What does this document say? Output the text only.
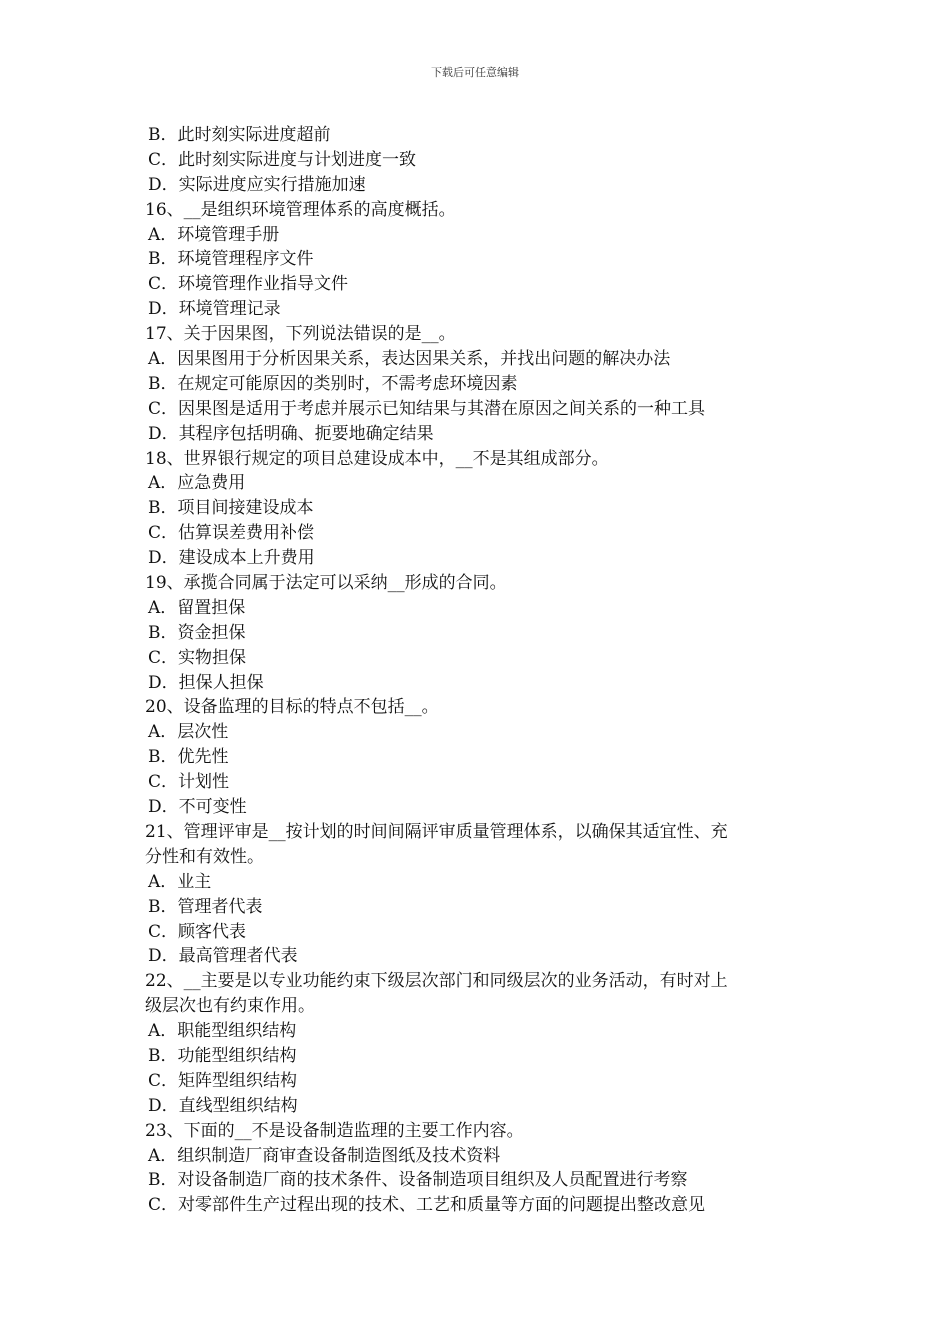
下载后可任意编辑
B．此时刻实际进度超前
C．此时刻实际进度与计划进度一致
D．实际进度应实行措施加速
16、__是组织环境管理体系的高度概括。
A．环境管理手册
B．环境管理程序文件
C．环境管理作业指导文件
D．环境管理记录
17、关于因果图，下列说法错误的是__。
A．因果图用于分析因果关系，表达因果关系，并找出问题的解决办法
B．在规定可能原因的类别时，不需考虑环境因素
C．因果图是适用于考虑并展示已知结果与其潜在原因之间关系的一种工具
D．其程序包括明确、扼要地确定结果
18、世界银行规定的项目总建设成本中，__不是其组成部分。
A．应急费用
B．项目间接建设成本
C．估算误差费用补偿
D．建设成本上升费用
19、承揽合同属于法定可以采纳__形成的合同。
A．留置担保
B．资金担保
C．实物担保
D．担保人担保
20、设备监理的目标的特点不包括__。
A．层次性
B．优先性
C．计划性
D．不可变性
21、管理评审是__按计划的时间间隔评审质量管理体系，以确保其适宜性、充
分性和有效性。
A．业主
B．管理者代表
C．顾客代表
D．最高管理者代表
22、__主要是以专业功能约束下级层次部门和同级层次的业务活动，有时对上
级层次也有约束作用。
A．职能型组织结构
B．功能型组织结构
C．矩阵型组织结构
D．直线型组织结构
23、下面的__不是设备制造监理的主要工作内容。
A．组织制造厂商审查设备制造图纸及技术资料
B．对设备制造厂商的技术条件、设备制造项目组织及人员配置进行考察
C．对零部件生产过程出现的技术、工艺和质量等方面的问题提出整改意见
